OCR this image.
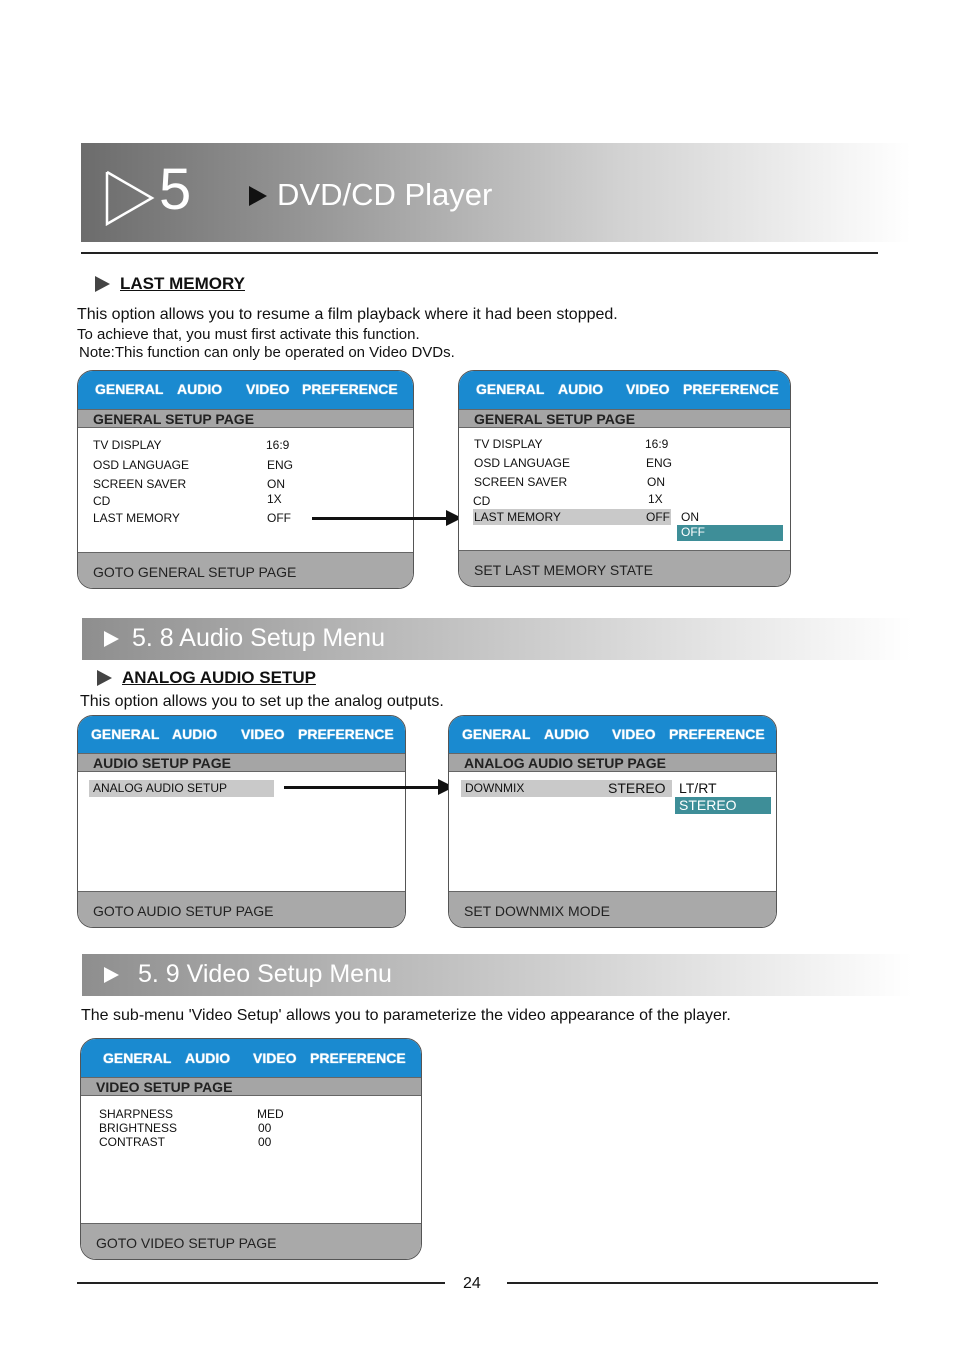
5	DVD/CD Player
LAST MEMORY
This option allows you to resume a film playback where it had been stopped.
To achieve that, you must first activate this function.
Note:This function can only be operated on Video DVDs.
GENERAL AUDIO VIDEO PREFERENCE
GENERAL SETUP PAGE
TV DISPLAY	16:9
OSD LANGUAGE	ENG
SCREEN SAVER	ON
CD	1X
LAST MEMORY	OFF
GOTO GENERAL SETUP PAGE
GENERAL AUDIO VIDEO PREFERENCE
GENERAL SETUP PAGE
TV DISPLAY	16:9
OSD LANGUAGE	ENG
SCREEN SAVER	ON
CD	1X
LAST MEMORY	OFF ON
OFF
SET LAST MEMORY STATE
5. 8 Audio Setup Menu
ANALOG AUDIO SETUP
This option allows you to set up the analog outputs.
GENERAL AUDIO VIDEO PREFERENCE
AUDIO SETUP PAGE
ANALOG AUDIO SETUP
GOTO AUDIO SETUP PAGE
GENERAL AUDIO VIDEO PREFERENCE
ANALOG AUDIO SETUP PAGE
DOWNMIX	STEREO LT/RT
STEREO
SET DOWNMIX MODE
5. 9 Video Setup Menu
The sub-menu 'Video Setup' allows you to parameterize the video appearance of the player.
GENERAL AUDIO VIDEO PREFERENCE
VIDEO SETUP PAGE
SHARPNESS	MED
BRIGHTNESS	00
CONTRAST	00
GOTO VIDEO SETUP PAGE
24
